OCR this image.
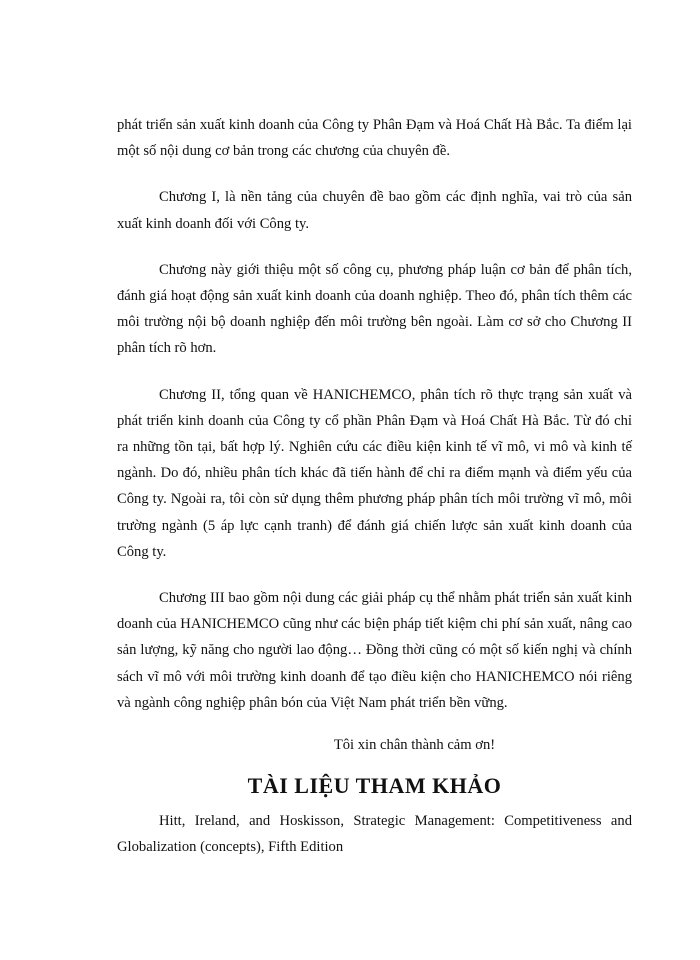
phát triển sản xuất kinh doanh của Công ty Phân Đạm và Hoá Chất Hà Bắc. Ta điểm lại một số nội dung cơ bản trong các chương của chuyên đề.

Chương I, là nền tảng của chuyên đề bao gồm các định nghĩa, vai trò của sản xuất kinh doanh đối với Công ty.

Chương này giới thiệu một số công cụ, phương pháp luận cơ bản để phân tích, đánh giá hoạt động sản xuất kinh doanh của doanh nghiệp. Theo đó, phân tích thêm các môi trường nội bộ doanh nghiệp đến môi trường bên ngoài. Làm cơ sở cho Chương II phân tích rõ hơn.

Chương II, tổng quan về HANICHEMCO, phân tích rõ thực trạng sản xuất và phát triển kinh doanh của Công ty cổ phần Phân Đạm và Hoá Chất Hà Bắc. Từ đó chỉ ra những tồn tại, bất hợp lý. Nghiên cứu các điều kiện kinh tế vĩ mô, vi mô và kinh tế ngành. Do đó, nhiều phân tích khác đã tiến hành để chỉ ra điểm mạnh và điểm yếu của Công ty. Ngoài ra, tôi còn sử dụng thêm phương pháp phân tích môi trường vĩ mô, môi trường ngành (5 áp lực cạnh tranh) để đánh giá chiến lược sản xuất kinh doanh của Công ty.

Chương III bao gồm nội dung các giải pháp cụ thể nhằm phát triển sản xuất kinh doanh của HANICHEMCO cũng như các biện pháp tiết kiệm chi phí sản xuất, nâng cao sản lượng, kỹ năng cho người lao động… Đồng thời cũng có một số kiến nghị và chính sách vĩ mô với môi trường kinh doanh để tạo điều kiện cho HANICHEMCO nói riêng và ngành công nghiệp phân bón của Việt Nam phát triển bền vững.

Tôi xin chân thành cảm ơn!

TÀI LIỆU THAM KHẢO

Hitt, Ireland, and Hoskisson, Strategic Management: Competitiveness and Globalization (concepts), Fifth Edition
